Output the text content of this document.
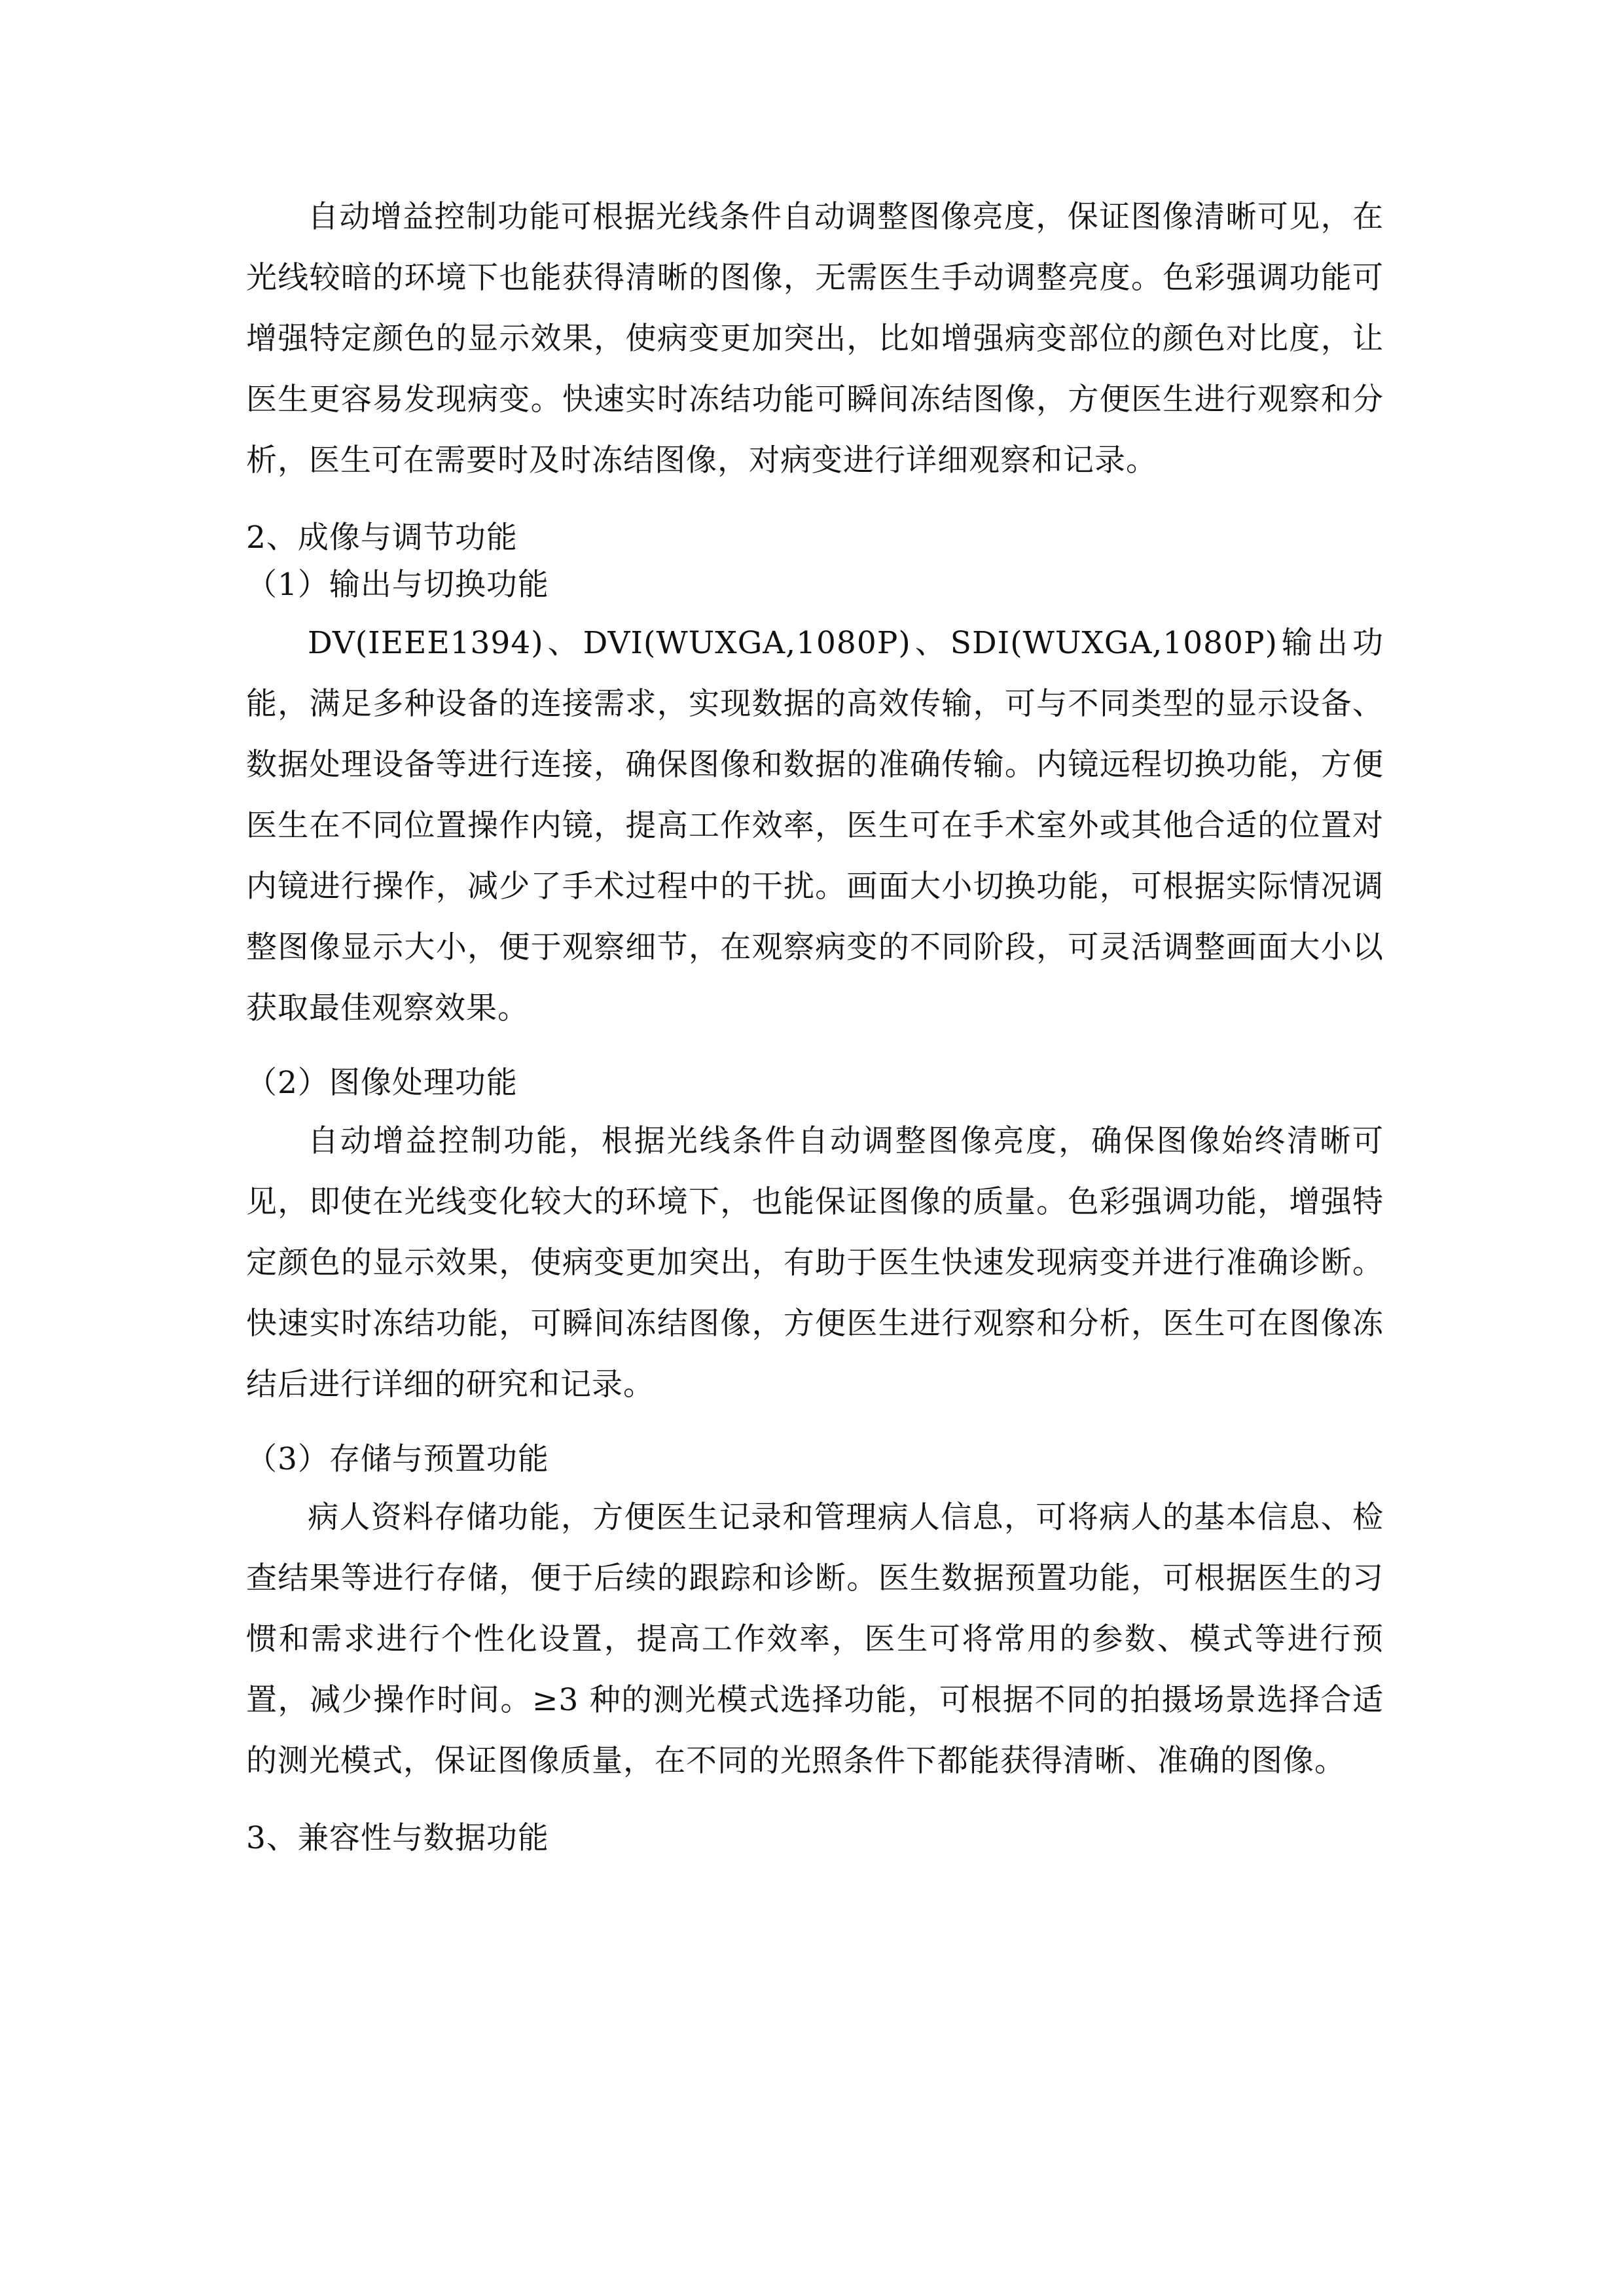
自动增益控制功能可根据光线条件自动调整图像亮度，保证图像清晰可见，在光线较暗的环境下也能获得清晰的图像，无需医生手动调整亮度。色彩强调功能可增强特定颜色的显示效果，使病变更加突出，比如增强病变部位的颜色对比度，让医生更容易发现病变。快速实时冻结功能可瞬间冻结图像，方便医生进行观察和分析，医生可在需要时及时冻结图像，对病变进行详细观察和记录。

2、成像与调节功能

（1）输出与切换功能

DV(IEEE1394)、DVI(WUXGA,1080P)、SDI(WUXGA,1080P)输出功能，满足多种设备的连接需求，实现数据的高效传输，可与不同类型的显示设备、数据处理设备等进行连接，确保图像和数据的准确传输。内镜远程切换功能，方便医生在不同位置操作内镜，提高工作效率，医生可在手术室外或其他合适的位置对内镜进行操作，减少了手术过程中的干扰。画面大小切换功能，可根据实际情况调整图像显示大小，便于观察细节，在观察病变的不同阶段，可灵活调整画面大小以获取最佳观察效果。

（2）图像处理功能

自动增益控制功能，根据光线条件自动调整图像亮度，确保图像始终清晰可见，即使在光线变化较大的环境下，也能保证图像的质量。色彩强调功能，增强特定颜色的显示效果，使病变更加突出，有助于医生快速发现病变并进行准确诊断。快速实时冻结功能，可瞬间冻结图像，方便医生进行观察和分析，医生可在图像冻结后进行详细的研究和记录。

（3）存储与预置功能

病人资料存储功能，方便医生记录和管理病人信息，可将病人的基本信息、检查结果等进行存储，便于后续的跟踪和诊断。医生数据预置功能，可根据医生的习惯和需求进行个性化设置，提高工作效率，医生可将常用的参数、模式等进行预置，减少操作时间。≥3 种的测光模式选择功能，可根据不同的拍摄场景选择合适的测光模式，保证图像质量，在不同的光照条件下都能获得清晰、准确的图像。

3、兼容性与数据功能
